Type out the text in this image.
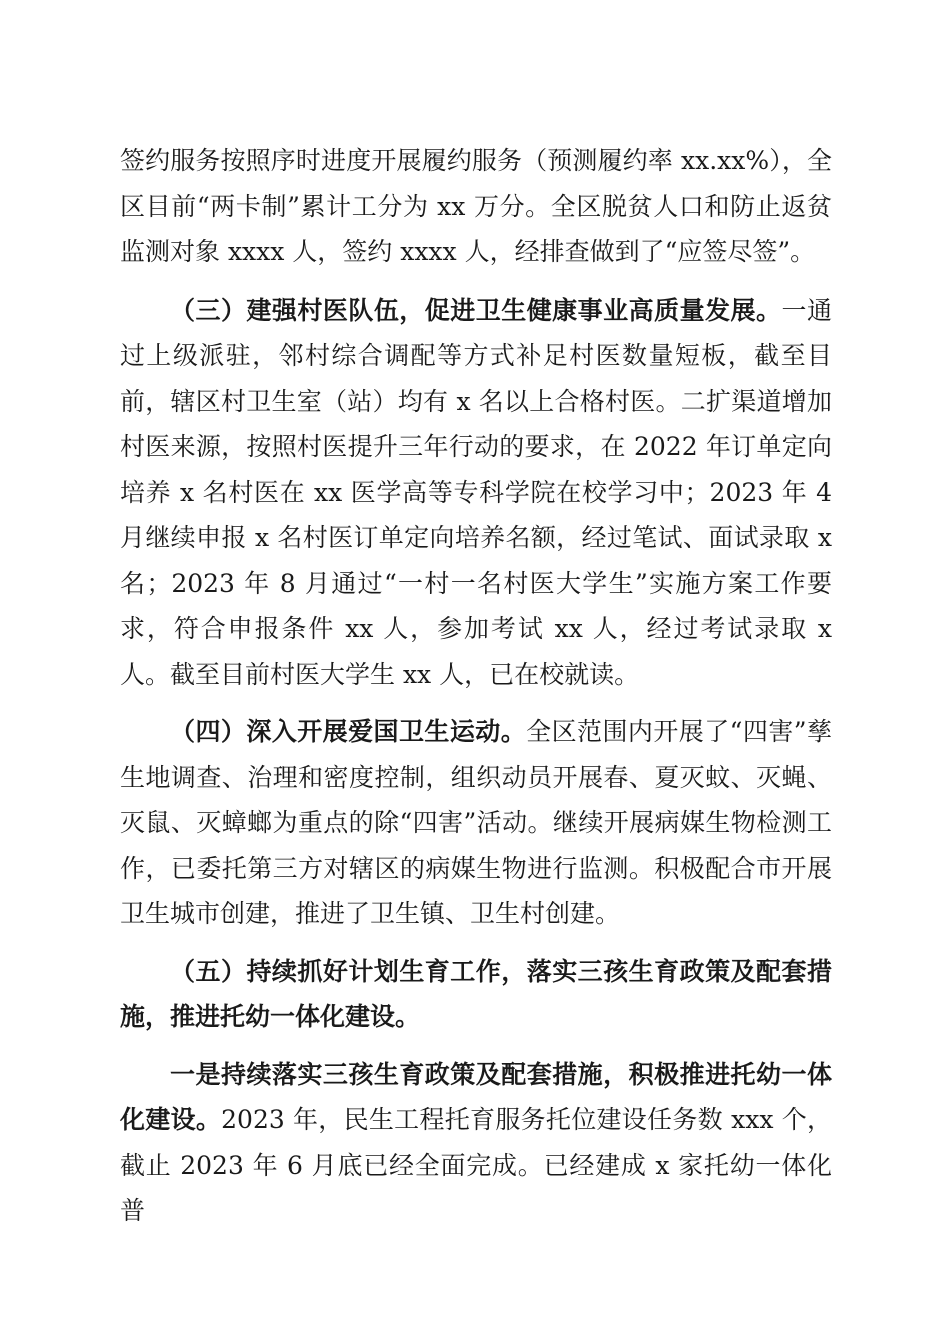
签约服务按照序时进度开展履约服务（预测履约率 xx.xx%），全区目前“两卡制”累计工分为 xx 万分。全区脱贫人口和防止返贫监测对象 xxxx 人，签约 xxxx 人，经排查做到了“应签尽签”。

（三）建强村医队伍，促进卫生健康事业高质量发展。一通过上级派驻，邻村综合调配等方式补足村医数量短板，截至目前，辖区村卫生室（站）均有 x 名以上合格村医。二扩渠道增加村医来源，按照村医提升三年行动的要求，在 2022 年订单定向培养 x 名村医在 xx 医学高等专科学院在校学习中；2023 年 4 月继续申报 x 名村医订单定向培养名额，经过笔试、面试录取 x 名；2023 年 8 月通过“一村一名村医大学生”实施方案工作要求，符合申报条件 xx 人，参加考试 xx 人，经过考试录取 x 人。截至目前村医大学生 xx 人，已在校就读。

（四）深入开展爱国卫生运动。全区范围内开展了“四害”孳生地调查、治理和密度控制，组织动员开展春、夏灭蚊、灭蝇、灭鼠、灭蟑螂为重点的除“四害”活动。继续开展病媒生物检测工作，已委托第三方对辖区的病媒生物进行监测。积极配合市开展卫生城市创建，推进了卫生镇、卫生村创建。

（五）持续抓好计划生育工作，落实三孩生育政策及配套措施，推进托幼一体化建设。

一是持续落实三孩生育政策及配套措施，积极推进托幼一体化建设。2023 年，民生工程托育服务托位建设任务数 xxx 个，截止 2023 年 6 月底已经全面完成。已经建成 x 家托幼一体化普
